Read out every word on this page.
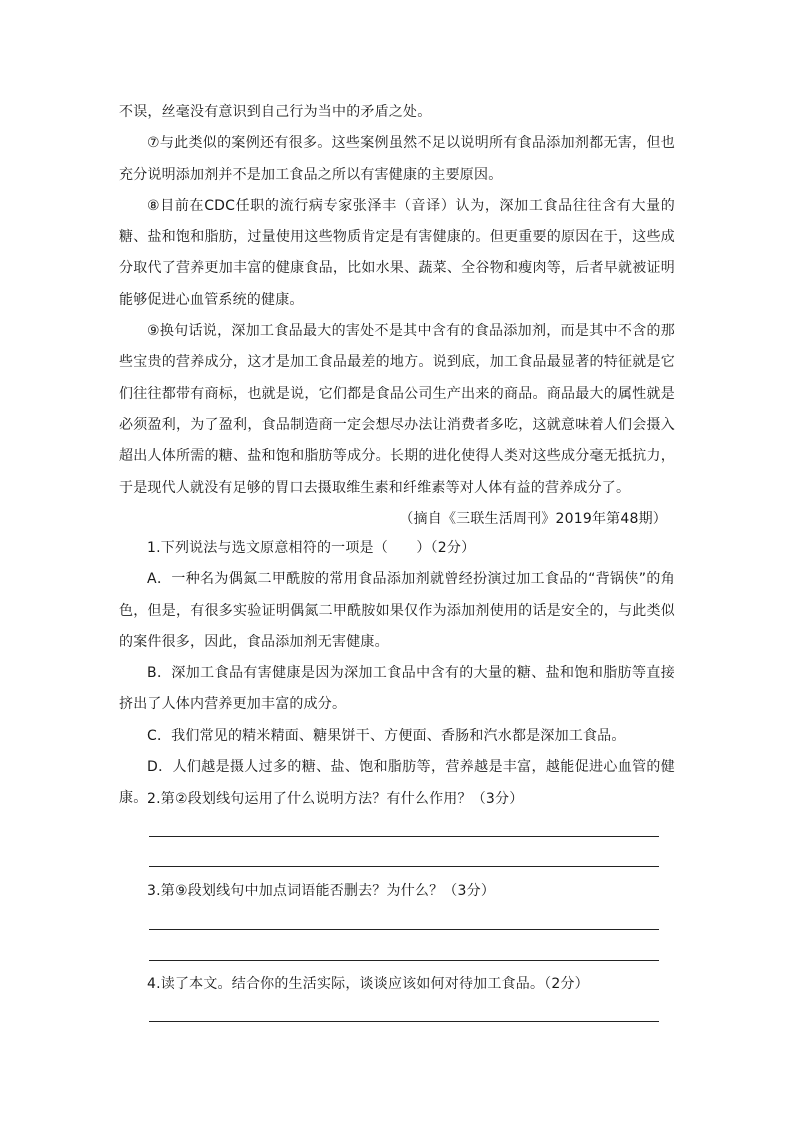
不误，丝毫没有意识到自己行为当中的矛盾之处。

⑦与此类似的案例还有很多。这些案例虽然不足以说明所有食品添加剂都无害，但也充分说明添加剂并不是加工食品之所以有害健康的主要原因。

⑧目前在CDC任职的流行病专家张泽丰（音译）认为，深加工食品往往含有大量的糖、盐和饱和脂肪，过量使用这些物质肯定是有害健康的。但更重要的原因在于，这些成分取代了营养更加丰富的健康食品，比如水果、蔬菜、全谷物和瘦肉等，后者早就被证明能够促进心血管系统的健康。

⑨换句话说，深加工食品最大的害处不是其中含有的食品添加剂，而是其中不含的那些宝贵的营养成分，这才是加工食品最差的地方。说到底，加工食品最显著的特征就是它们往往都带有商标，也就是说，它们都是食品公司生产出来的商品。商品最大的属性就是必须盈利，为了盈利，食品制造商一定会想尽办法让消费者多吃，这就意味着人们会摄入超出人体所需的糖、盐和饱和脂肪等成分。长期的进化使得人类对这些成分毫无抵抗力，于是现代人就没有足够的胃口去摄取维生素和纤维素等对人体有益的营养成分了。

（摘自《三联生活周刊》2019年第48期）

1.下列说法与选文原意相符的一项是（　　）（2分）

A．一种名为偶氮二甲酰胺的常用食品添加剂就曾经扮演过加工食品的“背锅侠”的角色，但是，有很多实验证明偶氮二甲酰胺如果仅作为添加剂使用的话是安全的，与此类似的案件很多，因此，食品添加剂无害健康。

B．深加工食品有害健康是因为深加工食品中含有的大量的糖、盐和饱和脂肪等直接挤出了人体内营养更加丰富的成分。

C．我们常见的精米精面、糖果饼干、方便面、香肠和汽水都是深加工食品。

D．人们越是摄人过多的糖、盐、饱和脂肪等，营养越是丰富，越能促进心血管的健康。 2.第②段划线句运用了什么说明方法？有什么作用？（3分）

3.第⑨段划线句中加点词语能否删去？为什么？（3分）

4.读了本文。结合你的生活实际，谈谈应该如何对待加工食品。（2分）
